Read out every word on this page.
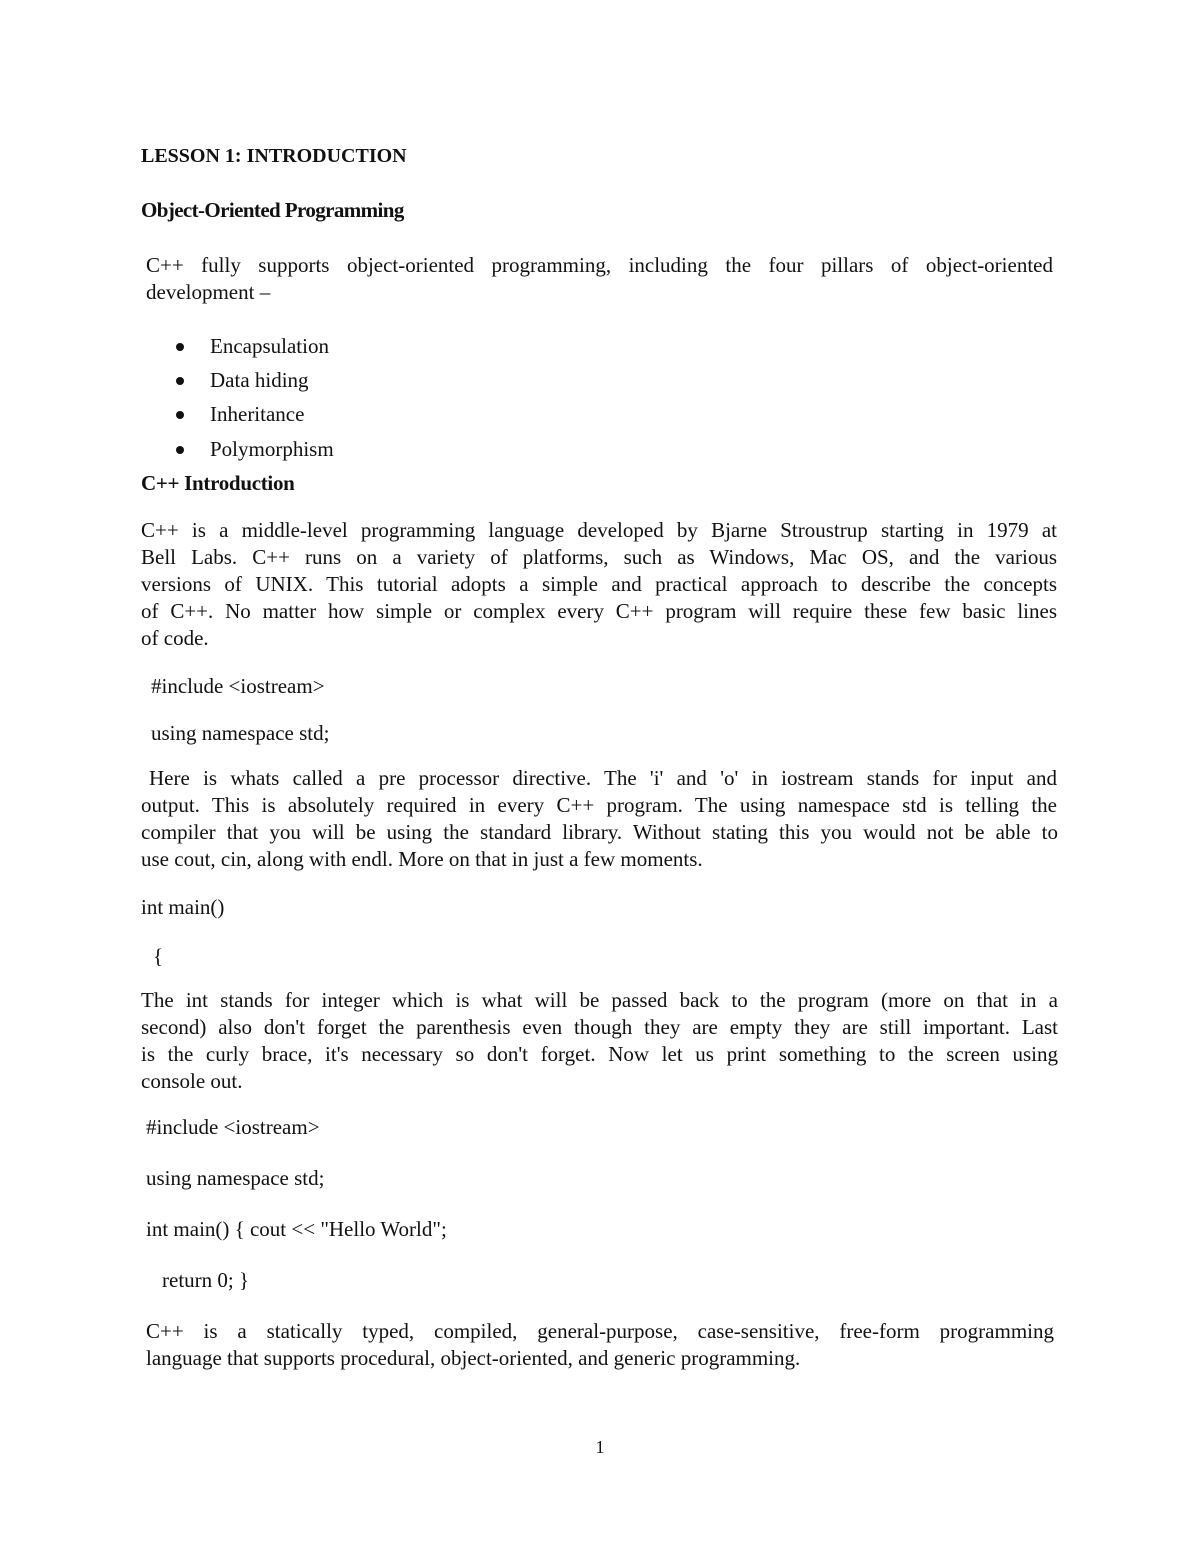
LESSON 1: INTRODUCTION
Object-Oriented Programming
C++ fully supports object-oriented programming, including the four pillars of object-oriented
development –
Encapsulation
Data hiding
Inheritance
Polymorphism
C++ Introduction
C++ is a middle-level programming language developed by Bjarne Stroustrup starting in 1979 at
Bell Labs. C++ runs on a variety of platforms, such as Windows, Mac OS, and the various
versions of UNIX. This tutorial adopts a simple and practical approach to describe the concepts
of C++. No matter how simple or complex every C++ program will require these few basic lines
of code.
#include <iostream>
using namespace std;
Here is whats called a pre processor directive. The 'i' and 'o' in iostream stands for input and
output. This is absolutely required in every C++ program. The using namespace std is telling the
compiler that you will be using the standard library. Without stating this you would not be able to
use cout, cin, along with endl. More on that in just a few moments.
int main()
{
The int stands for integer which is what will be passed back to the program (more on that in a
second) also don't forget the parenthesis even though they are empty they are still important. Last
is the curly brace, it's necessary so don't forget. Now let us print something to the screen using
console out.
#include <iostream>
using namespace std;
int main() { cout << "Hello World";
return 0; }
C++ is a statically typed, compiled, general-purpose, case-sensitive, free-form programming
language that supports procedural, object-oriented, and generic programming.
1
